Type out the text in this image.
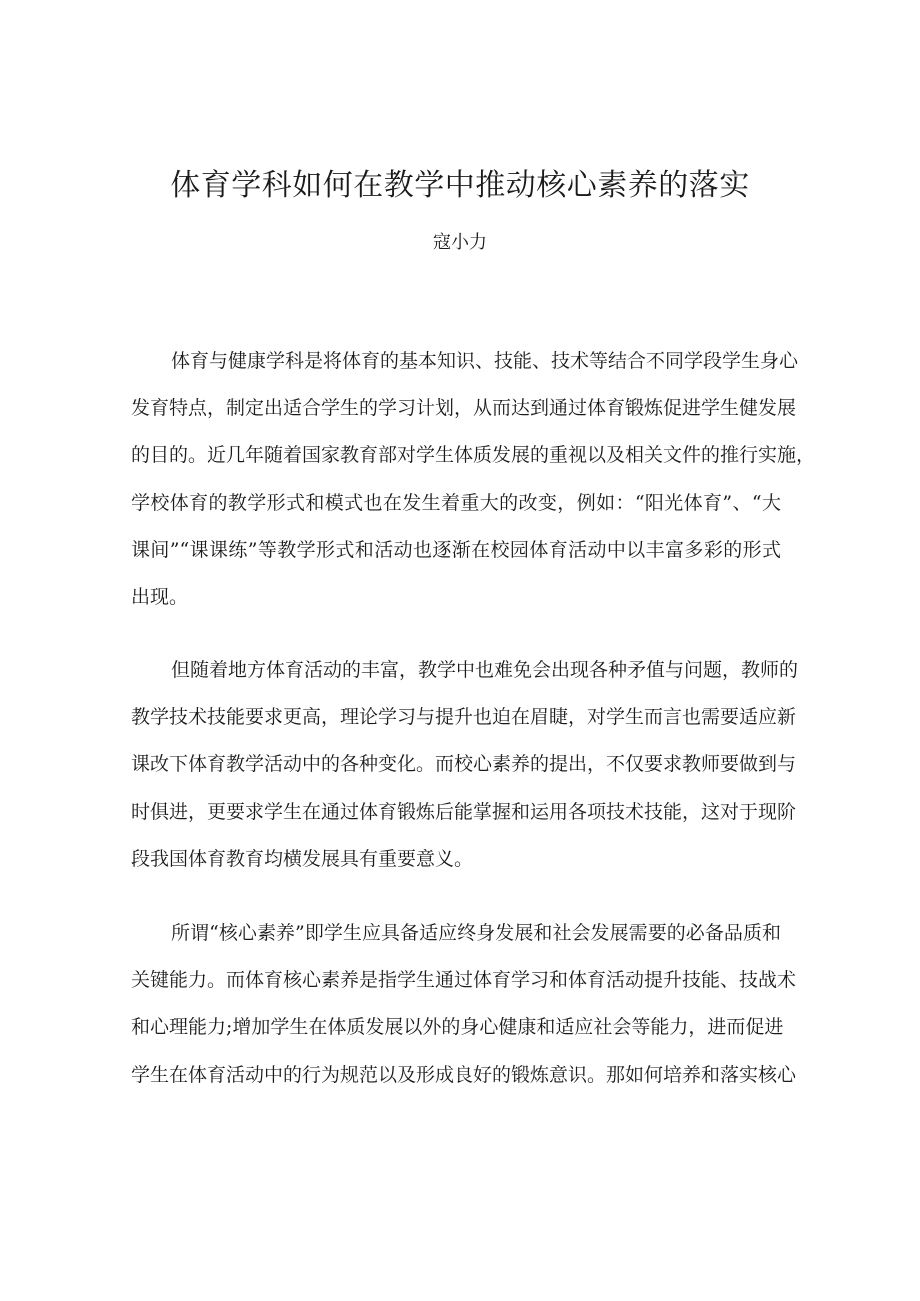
体育学科如何在教学中推动核心素养的落实
寇小力
体育与健康学科是将体育的基本知识、技能、技术等结合不同学段学生身心
发育特点，制定出适合学生的学习计划，从而达到通过体育锻炼促进学生健发展
的目的。近几年随着国家教育部对学生体质发展的重视以及相关文件的推行实施，
学校体育的教学形式和模式也在发生着重大的改变，例如：“阳光体育”、“大
课间”“课课练”等教学形式和活动也逐渐在校园体育活动中以丰富多彩的形式
出现。
但随着地方体育活动的丰富，教学中也难免会出现各种矛值与问题，教师的
教学技术技能要求更高，理论学习与提升也迫在眉睫，对学生而言也需要适应新
课改下体育教学活动中的各种变化。而校心素养的提出，不仅要求教师要做到与
时俱进，更要求学生在通过体育锻炼后能掌握和运用各项技术技能，这对于现阶
段我国体育教育均横发展具有重要意义。
所谓“核心素养”即学生应具备适应终身发展和社会发展需要的必备品质和
关键能力。而体育核心素养是指学生通过体育学习和体育活动提升技能、技战术
和心理能力;增加学生在体质发展以外的身心健康和适应社会等能力，进而促进
学生在体育活动中的行为规范以及形成良好的锻炼意识。那如何培养和落实核心
